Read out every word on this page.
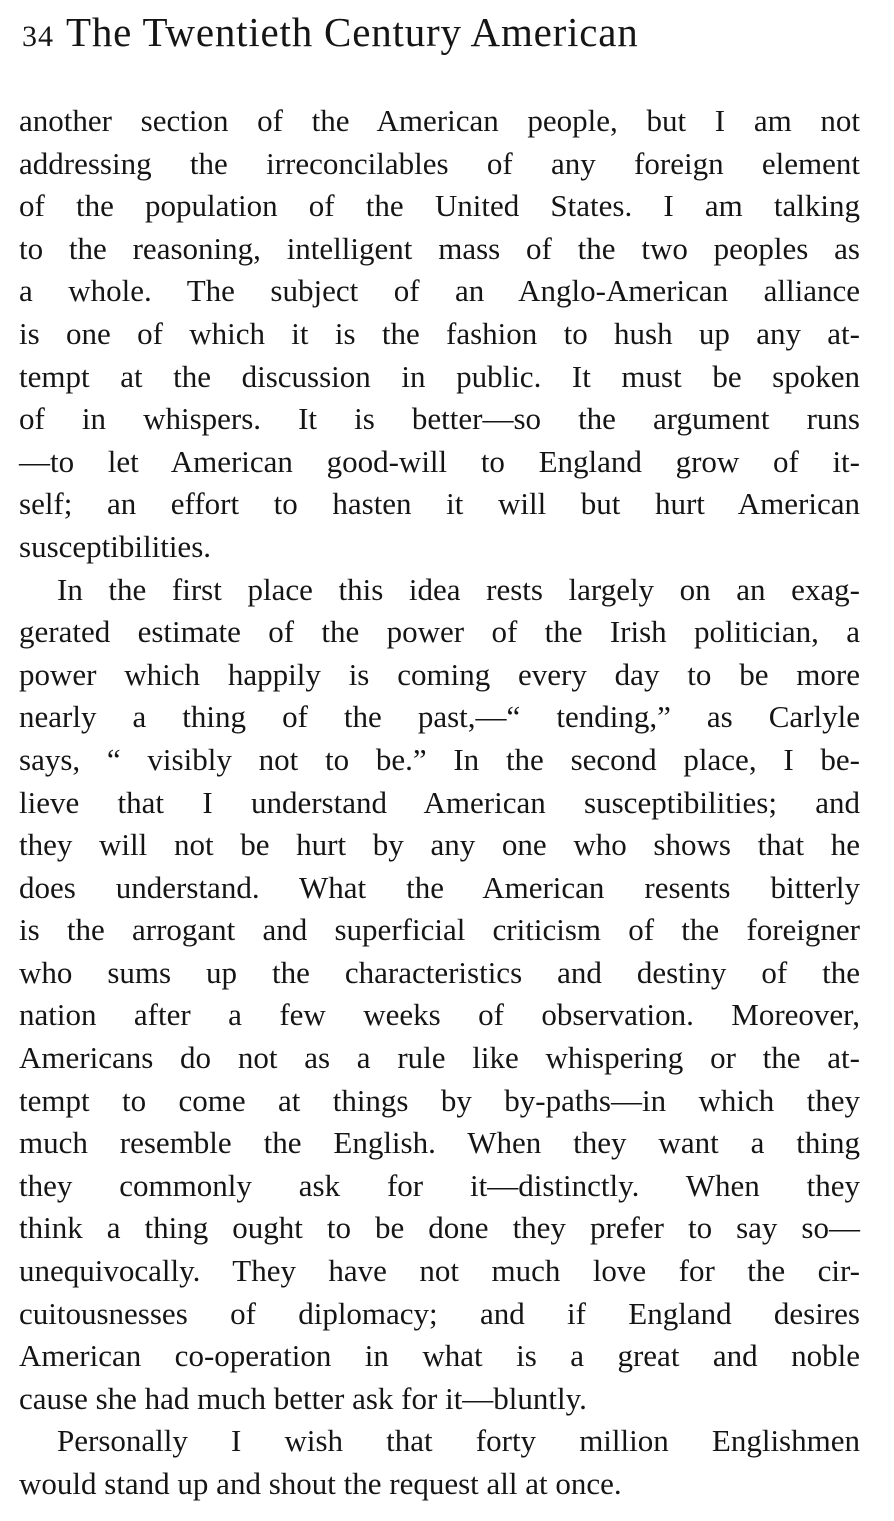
34 The Twentieth Century American
another section of the American people, but I am not
addressing the irreconcilables of any foreign element
of the population of the United States. I am talking
to the reasoning, intelligent mass of the two peoples as
a whole. The subject of an Anglo-American alliance
is one of which it is the fashion to hush up any at-
tempt at the discussion in public. It must be spoken
of in whispers. It is better—so the argument runs
—to let American good-will to England grow of it-
self; an effort to hasten it will but hurt American
susceptibilities.
In the first place this idea rests largely on an exag-
gerated estimate of the power of the Irish politician, a
power which happily is coming every day to be more
nearly a thing of the past,—“ tending,” as Carlyle
says, “ visibly not to be.” In the second place, I be-
lieve that I understand American susceptibilities; and
they will not be hurt by any one who shows that he
does understand. What the American resents bitterly
is the arrogant and superficial criticism of the foreigner
who sums up the characteristics and destiny of the
nation after a few weeks of observation. Moreover,
Americans do not as a rule like whispering or the at-
tempt to come at things by by-paths—in which they
much resemble the English. When they want a thing
they commonly ask for it—distinctly. When they
think a thing ought to be done they prefer to say so—
unequivocally. They have not much love for the cir-
cuitousnesses of diplomacy; and if England desires
American co-operation in what is a great and noble
cause she had much better ask for it—bluntly.
Personally I wish that forty million Englishmen
would stand up and shout the request all at once.
